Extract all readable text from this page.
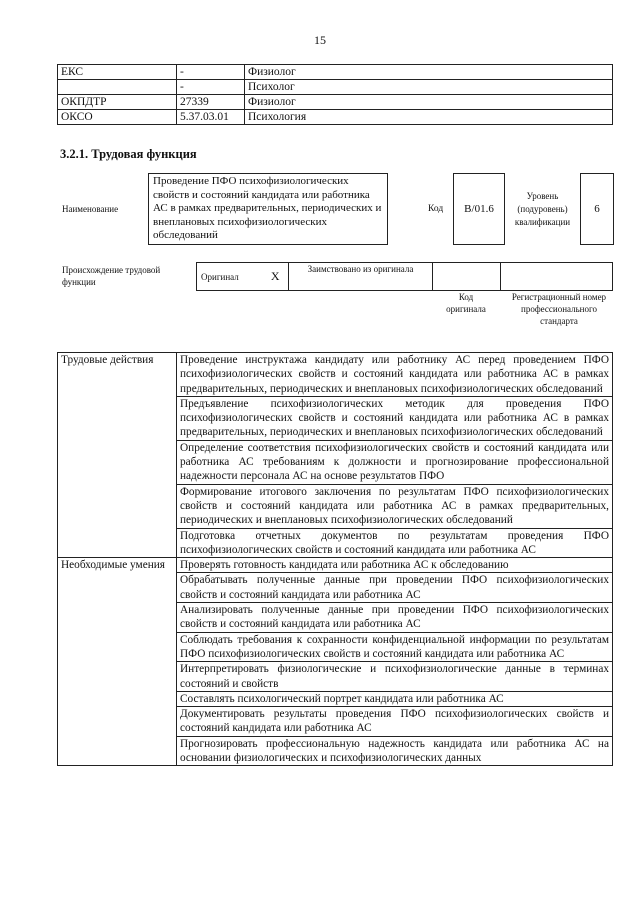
15
ЕКС	-	Физиолог
	-	Психолог
ОКПДТР	27339	Физиолог
ОКСО	5.37.03.01	Психология
3.2.1. Трудовая функция
Наименование
Проведение ПФО психофизиологических свойств и состояний кандидата или работника АС в рамках предварительных, периодических и внеплановых психофизиологических обследований
Код	B/01.6
Уровень (подуровень) квалификации
6
Происхождение трудовой функции
Оригинал	X	Заимствовано из оригинала		
Код оригинала
Регистрационный номер профессионального стандарта
Трудовые действия	Проведение инструктажа кандидату или работнику АС перед проведением ПФО психофизиологических свойств и состояний кандидата или работника АС в рамках предварительных, периодических и внеплановых психофизиологических обследований
	Предъявление психофизиологических методик для проведения ПФО психофизиологических свойств и состояний кандидата или работника АС в рамках предварительных, периодических и внеплановых психофизиологических обследований
	Определение соответствия психофизиологических свойств и состояний кандидата или работника АС требованиям к должности и прогнозирование профессиональной надежности персонала АС на основе результатов ПФО
	Формирование итогового заключения по результатам ПФО психофизиологических свойств и состояний кандидата или работника АС в рамках предварительных, периодических и внеплановых психофизиологических обследований
	Подготовка отчетных документов по результатам проведения ПФО психофизиологических свойств и состояний кандидата или работника АС
Необходимые умения	Проверять готовность кандидата или работника АС к обследованию
	Обрабатывать полученные данные при проведении ПФО психофизиологических свойств и состояний кандидата или работника АС
	Анализировать полученные данные при проведении ПФО психофизиологических свойств и состояний кандидата или работника АС
	Соблюдать требования к сохранности конфиденциальной информации по результатам ПФО психофизиологических свойств и состояний кандидата или работника АС
	Интерпретировать физиологические и психофизиологические данные в терминах состояний и свойств
	Составлять психологический портрет кандидата или работника АС
	Документировать результаты проведения ПФО психофизиологических свойств и состояний кандидата или работника АС
	Прогнозировать профессиональную надежность кандидата или работника АС на основании физиологических и психофизиологических данных
